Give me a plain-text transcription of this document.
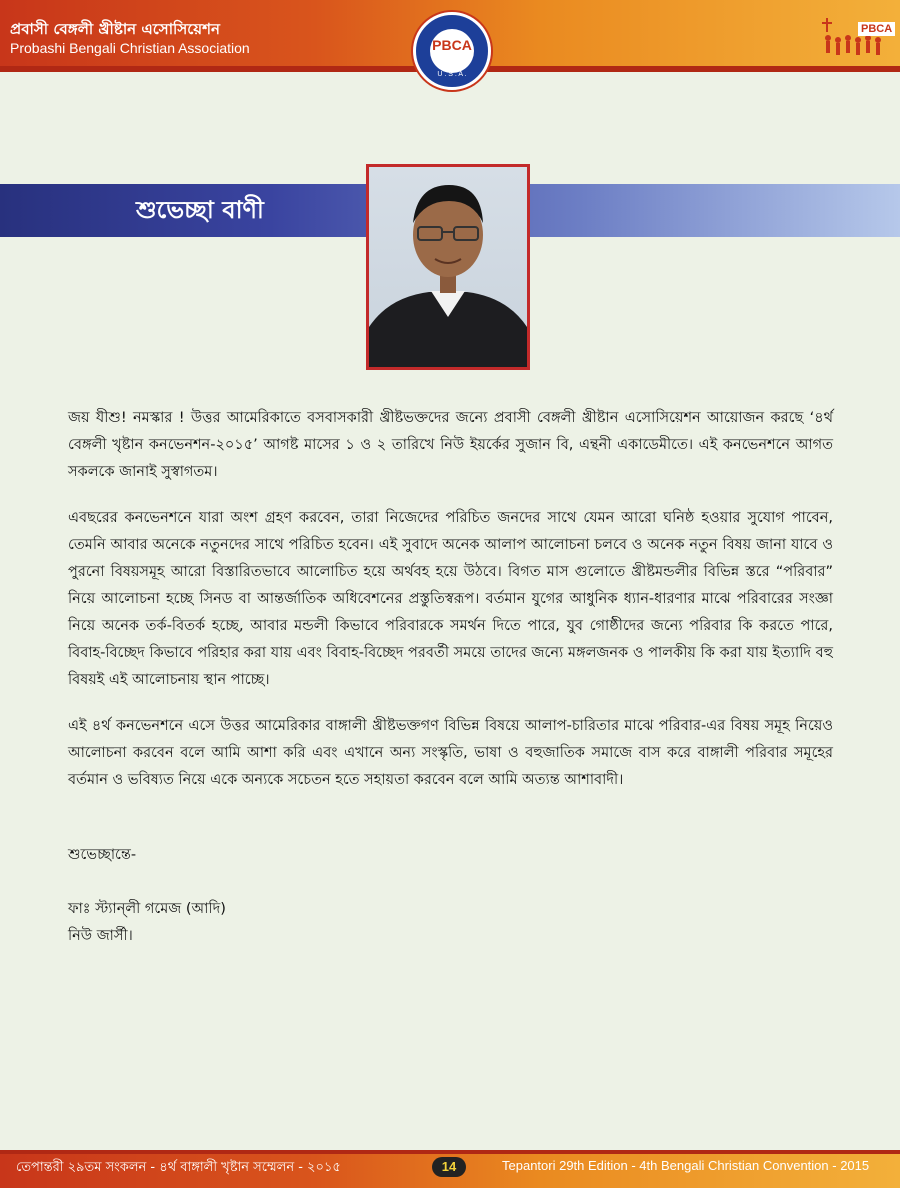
প্রবাসী বেঙ্গলী খ্রীষ্টান এসোসিয়েশন
Probashi Bengali Christian Association	PBCA
U . S . A .
PBCA
শুভেচ্ছা বাণী

জয় যীশু! নমস্কার ! উত্তর আমেরিকাতে বসবাসকারী খ্রীষ্টভক্তদের জন্যে প্রবাসী বেঙ্গলী খ্রীষ্টান এসোসিয়েশন আয়োজন করছে ‘৪র্থ বেঙ্গলী খৃষ্টান কনভেনশন-২০১৫’ আগষ্ট মাসের ১ ও ২ তারিখে নিউ ইয়র্কের সুজান বি, এন্থনী একাডেমীতে। এই কনভেনশনে আগত সকলকে জানাই সুস্বাগতম।

এবছরের কনভেনশনে যারা অংশ গ্রহণ করবেন, তারা নিজেদের পরিচিত জনদের সাথে যেমন আরো ঘনিষ্ঠ হওয়ার সুযোগ পাবেন, তেমনি আবার অনেকে নতুনদের সাথে পরিচিত হবেন। এই সুবাদে অনেক আলাপ আলোচনা চলবে ও অনেক নতুন বিষয় জানা যাবে ও পুরনো বিষয়সমূহ আরো বিস্তারিতভাবে আলোচিত হয়ে অর্থবহ হয়ে উঠবে। বিগত মাস গুলোতে খ্রীষ্টমন্ডলীর বিভিন্ন স্তরে “পরিবার” নিয়ে আলোচনা হচ্ছে সিনড বা আন্তর্জাতিক অধিবেশনের প্রস্তুতিস্বরূপ। বর্তমান যুগের আধুনিক ধ্যান-ধারণার মাঝে পরিবারের সংজ্ঞা নিয়ে অনেক তর্ক-বিতর্ক হচ্ছে, আবার মন্ডলী কিভাবে পরিবারকে সমর্থন দিতে পারে, যুব গোষ্ঠীদের জন্যে পরিবার কি করতে পারে, বিবাহ-বিচ্ছেদ কিভাবে পরিহার করা যায় এবং বিবাহ-বিচ্ছেদ পরবর্তী সময়ে তাদের জন্যে মঙ্গলজনক ও পালকীয় কি করা যায় ইত্যাদি বহু বিষয়ই এই আলোচনায় স্থান পাচ্ছে।

এই ৪র্থ কনভেনশনে এসে উত্তর আমেরিকার বাঙ্গালী খ্রীষ্টভক্তগণ বিভিন্ন বিষয়ে আলাপ-চারিতার মাঝে পরিবার-এর বিষয় সমূহ নিয়েও আলোচনা করবেন বলে আমি আশা করি এবং এখানে অন্য সংস্কৃতি, ভাষা ও বহুজাতিক সমাজে বাস করে বাঙ্গালী পরিবার সমূহের বর্তমান ও ভবিষ্যত নিয়ে একে অন্যকে সচেতন হতে সহায়তা করবেন বলে আমি অত্যন্ত আশাবাদী।

শুভেচ্ছান্তে-
ফাঃ স্ট্যান্‌লী গমেজ (আদি)
নিউ জার্সী।
তেপান্তরী ২৯তম সংকলন - ৪র্থ বাঙ্গালী খৃষ্টান সম্মেলন - ২০১৫	14	Tepantori 29th Edition - 4th Bengali Christian Convention - 2015
